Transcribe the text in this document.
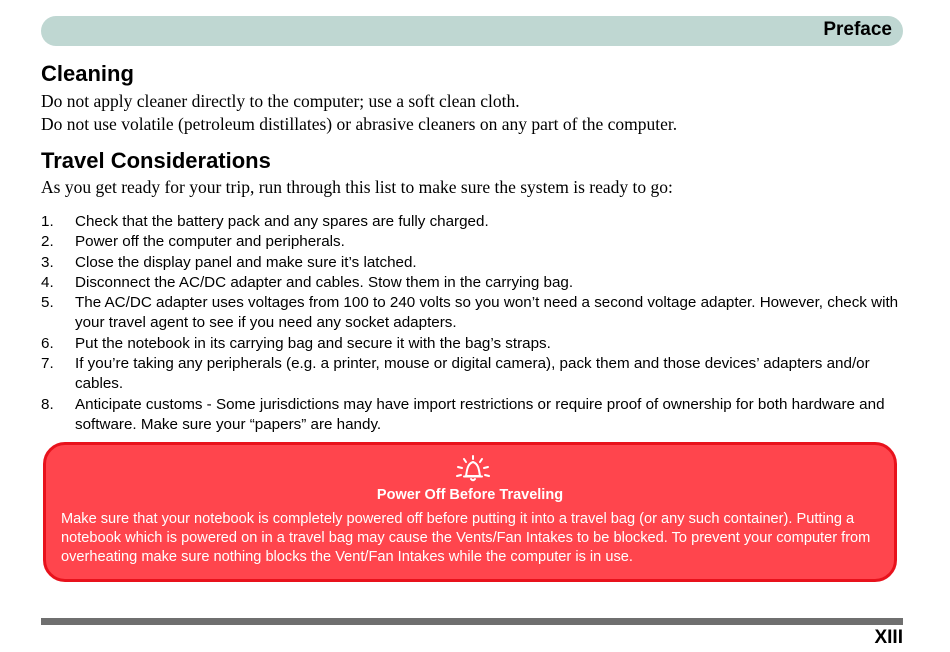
Preface
Cleaning

Do not apply cleaner directly to the computer; use a soft clean cloth.
Do not use volatile (petroleum distillates) or abrasive cleaners on any part of the computer.

Travel Considerations

As you get ready for your trip, run through this list to make sure the system is ready to go:

1. Check that the battery pack and any spares are fully charged.
2. Power off the computer and peripherals.
3. Close the display panel and make sure it’s latched.
4. Disconnect the AC/DC adapter and cables. Stow them in the carrying bag.
5. The AC/DC adapter uses voltages from 100 to 240 volts so you won’t need a second voltage adapter. However, check with your travel agent to see if you need any socket adapters.
6. Put the notebook in its carrying bag and secure it with the bag’s straps.
7. If you’re taking any peripherals (e.g. a printer, mouse or digital camera), pack them and those devices’ adapters and/or cables.
8. Anticipate customs - Some jurisdictions may have import restrictions or require proof of ownership for both hardware and software. Make sure your “papers” are handy.
Power Off Before Traveling

Make sure that your notebook is completely powered off before putting it into a travel bag (or any such container). Putting a notebook which is powered on in a travel bag may cause the Vents/Fan Intakes to be blocked. To prevent your computer from overheating make sure nothing blocks the Vent/Fan Intakes while the computer is in use.

XIII
